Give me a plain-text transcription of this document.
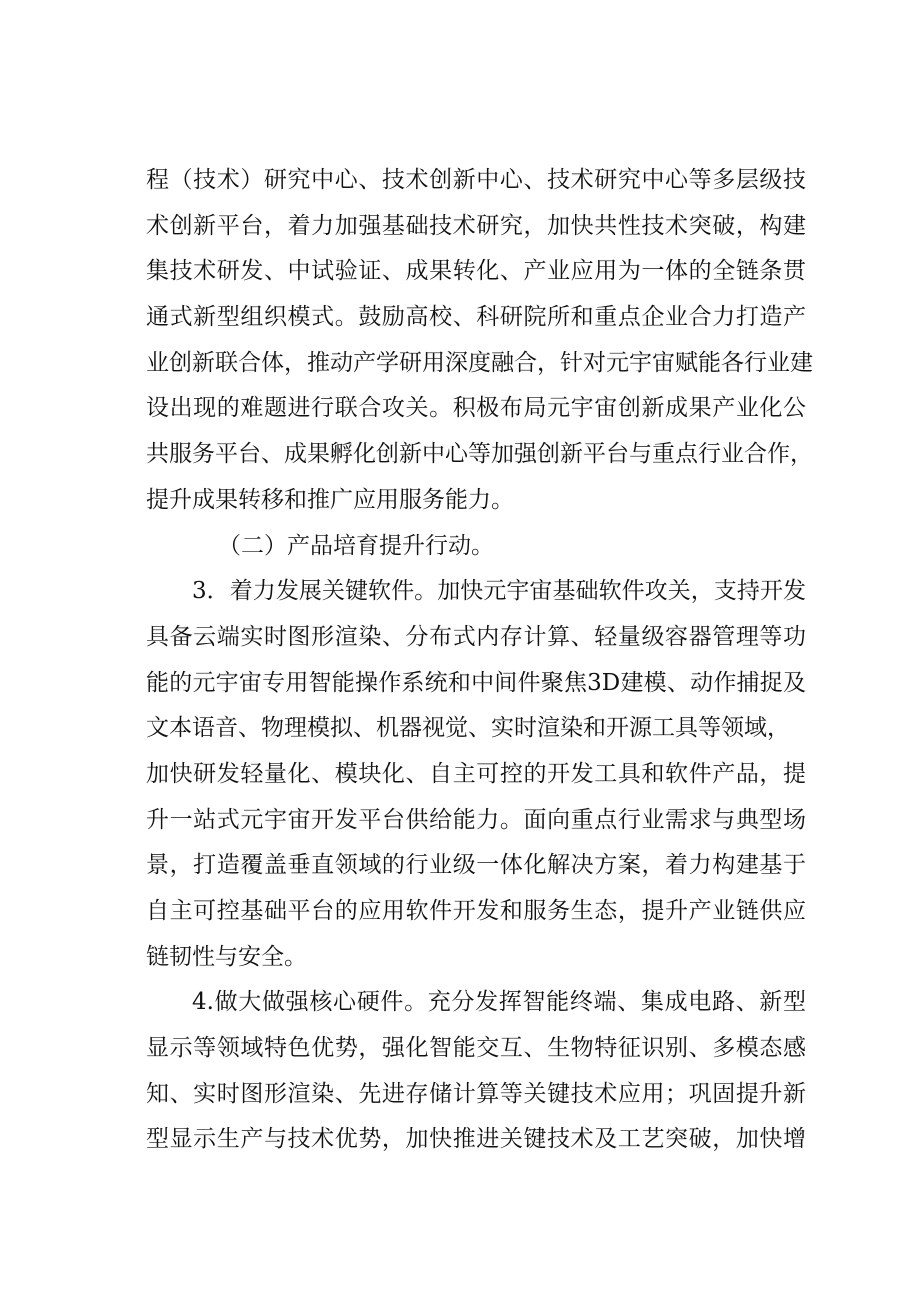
程（技术）研究中心、技术创新中心、技术研究中心等多层级技
术创新平台，着力加强基础技术研究，加快共性技术突破，构建
集技术研发、中试验证、成果转化、产业应用为一体的全链条贯
通式新型组织模式。鼓励高校、科研院所和重点企业合力打造产
业创新联合体，推动产学研用深度融合，针对元宇宙赋能各行业建
设出现的难题进行联合攻关。积极布局元宇宙创新成果产业化公
共服务平台、成果孵化创新中心等加强创新平台与重点行业合作，
提升成果转移和推广应用服务能力。
（二）产品培育提升行动。
3．着力发展关键软件。加快元宇宙基础软件攻关，支持开发
具备云端实时图形渲染、分布式内存计算、轻量级容器管理等功
能的元宇宙专用智能操作系统和中间件聚焦3D建模、动作捕捉及
文本语音、物理模拟、机器视觉、实时渲染和开源工具等领域，
加快研发轻量化、模块化、自主可控的开发工具和软件产品，提
升一站式元宇宙开发平台供给能力。面向重点行业需求与典型场
景，打造覆盖垂直领域的行业级一体化解决方案，着力构建基于
自主可控基础平台的应用软件开发和服务生态，提升产业链供应
链韧性与安全。
4.做大做强核心硬件。充分发挥智能终端、集成电路、新型
显示等领域特色优势，强化智能交互、生物特征识别、多模态感
知、实时图形渲染、先进存储计算等关键技术应用；巩固提升新
型显示生产与技术优势，加快推进关键技术及工艺突破，加快增
